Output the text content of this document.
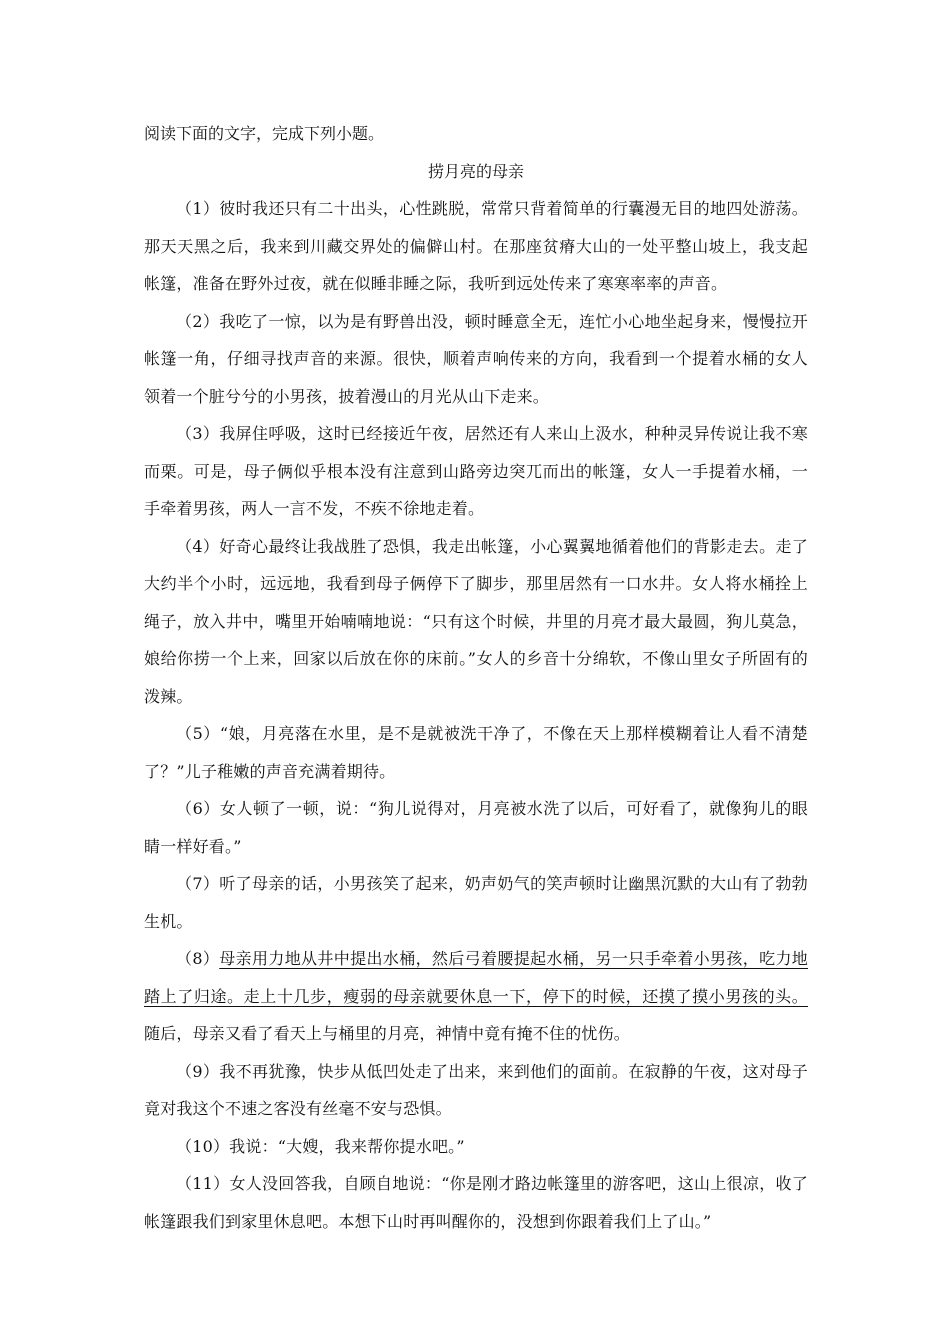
阅读下面的文字，完成下列小题。
捞月亮的母亲

（1）彼时我还只有二十出头，心性跳脱，常常只背着简单的行囊漫无目的地四处游荡。那天天黑之后，我来到川藏交界处的偏僻山村。在那座贫瘠大山的一处平整山坡上，我支起帐篷，准备在野外过夜，就在似睡非睡之际，我听到远处传来了寒寒率率的声音。

（2）我吃了一惊，以为是有野兽出没，顿时睡意全无，连忙小心地坐起身来，慢慢拉开帐篷一角，仔细寻找声音的来源。很快，顺着声响传来的方向，我看到一个提着水桶的女人领着一个脏兮兮的小男孩，披着漫山的月光从山下走来。

（3）我屏住呼吸，这时已经接近午夜，居然还有人来山上汲水，种种灵异传说让我不寒而栗。可是，母子俩似乎根本没有注意到山路旁边突兀而出的帐篷，女人一手提着水桶，一手牵着男孩，两人一言不发，不疾不徐地走着。

（4）好奇心最终让我战胜了恐惧，我走出帐篷，小心翼翼地循着他们的背影走去。走了大约半个小时，远远地，我看到母子俩停下了脚步，那里居然有一口水井。女人将水桶拴上绳子，放入井中，嘴里开始喃喃地说：“只有这个时候，井里的月亮才最大最圆，狗儿莫急，娘给你捞一个上来，回家以后放在你的床前。”女人的乡音十分绵软，不像山里女子所固有的泼辣。

（5）“娘，月亮落在水里，是不是就被洗干净了，不像在天上那样模糊着让人看不清楚了？”儿子稚嫩的声音充满着期待。

（6）女人顿了一顿，说：“狗儿说得对，月亮被水洗了以后，可好看了，就像狗儿的眼睛一样好看。”

（7）听了母亲的话，小男孩笑了起来，奶声奶气的笑声顿时让幽黑沉默的大山有了勃勃生机。

（8）母亲用力地从井中提出水桶，然后弓着腰提起水桶，另一只手牵着小男孩，吃力地踏上了归途。走上十几步，瘦弱的母亲就要休息一下，停下的时候，还摸了摸小男孩的头。随后，母亲又看了看天上与桶里的月亮，神情中竟有掩不住的忧伤。

（9）我不再犹豫，快步从低凹处走了出来，来到他们的面前。在寂静的午夜，这对母子竟对我这个不速之客没有丝毫不安与恐惧。

（10）我说：“大嫂，我来帮你提水吧。”

（11）女人没回答我，自顾自地说：“你是刚才路边帐篷里的游客吧，这山上很凉，收了帐篷跟我们到家里休息吧。本想下山时再叫醒你的，没想到你跟着我们上了山。”
